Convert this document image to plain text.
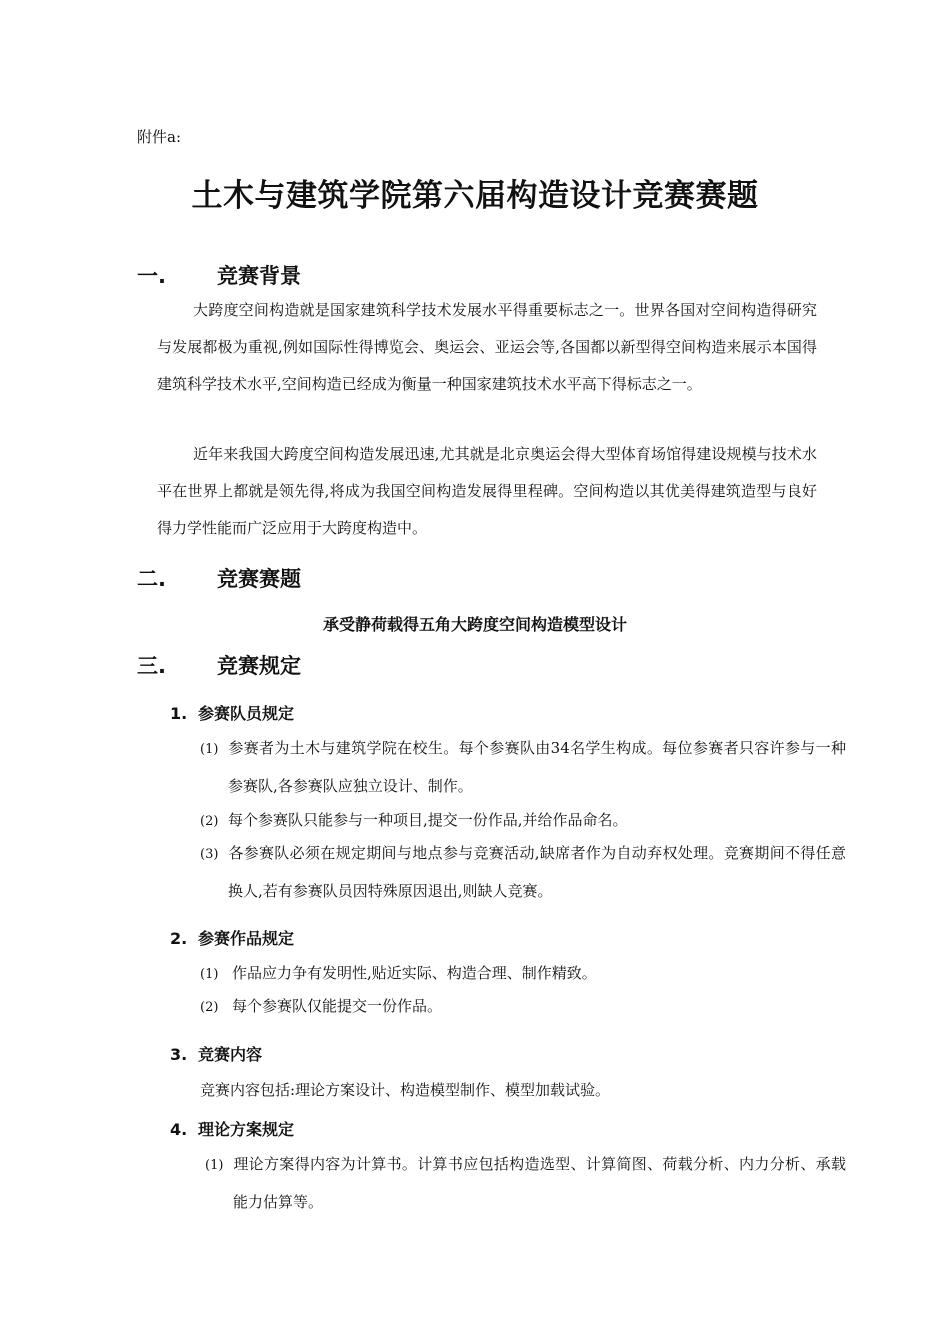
附件a:
土木与建筑学院第六届构造设计竞赛赛题
一. 竞赛背景

大跨度空间构造就是国家建筑科学技术发展水平得重要标志之一。世界各国对空间构造得研究与发展都极为重视,例如国际性得博览会、奥运会、亚运会等,各国都以新型得空间构造来展示本国得建筑科学技术水平,空间构造已经成为衡量一种国家建筑技术水平高下得标志之一。

近年来我国大跨度空间构造发展迅速,尤其就是北京奥运会得大型体育场馆得建设规模与技术水平在世界上都就是领先得,将成为我国空间构造发展得里程碑。空间构造以其优美得建筑造型与良好得力学性能而广泛应用于大跨度构造中。

二. 竞赛赛题
承受静荷载得五角大跨度空间构造模型设计
三. 竞赛规定
1. 参赛队员规定

(1) 参赛者为土木与建筑学院在校生。每个参赛队由34名学生构成。每位参赛者只容许参与一种参赛队,各参赛队应独立设计、制作。

(2) 每个参赛队只能参与一种项目,提交一份作品,并给作品命名。

(3) 各参赛队必须在规定期间与地点参与竞赛活动,缺席者作为自动弃权处理。竞赛期间不得任意换人,若有参赛队员因特殊原因退出,则缺人竞赛。

2. 参赛作品规定

(1) 作品应力争有发明性,贴近实际、构造合理、制作精致。

(2) 每个参赛队仅能提交一份作品。

3. 竞赛内容
竞赛内容包括:理论方案设计、构造模型制作、模型加载试验。
4. 理论方案规定

(1) 理论方案得内容为计算书。计算书应包括构造选型、计算简图、荷载分析、内力分析、承载能力估算等。
